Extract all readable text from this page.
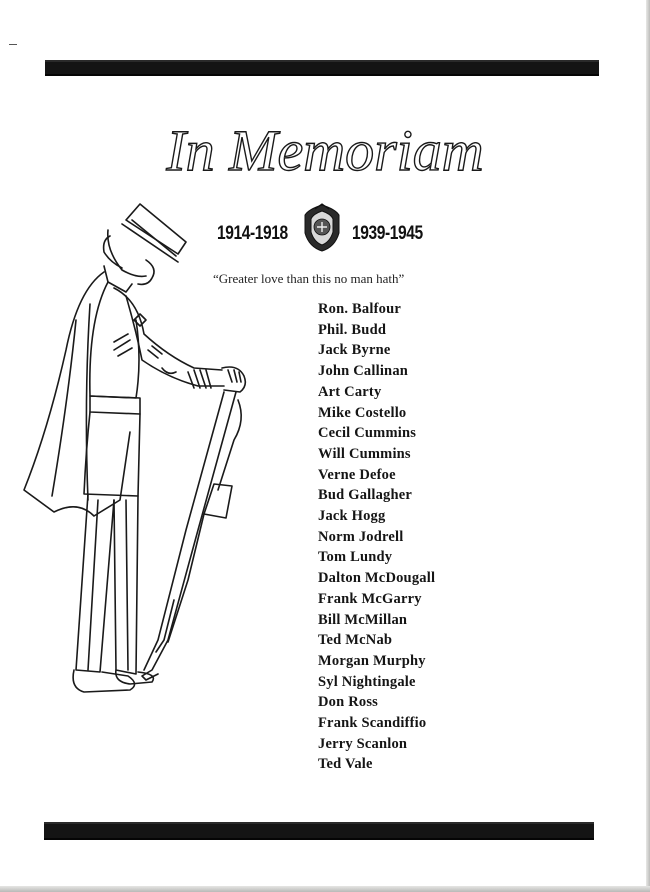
In Memoriam
1914-1918	1939-1945
“Greater love than this no man hath”
Ron. Balfour
Phil. Budd
Jack Byrne
John Callinan
Art Carty
Mike Costello
Cecil Cummins
Will Cummins
Verne Defoe
Bud Gallagher
Jack Hogg
Norm Jodrell
Tom Lundy
Dalton McDougall
Frank McGarry
Bill McMillan
Ted McNab
Morgan Murphy
Syl Nightingale
Don Ross
Frank Scandiffio
Jerry Scanlon
Ted Vale
